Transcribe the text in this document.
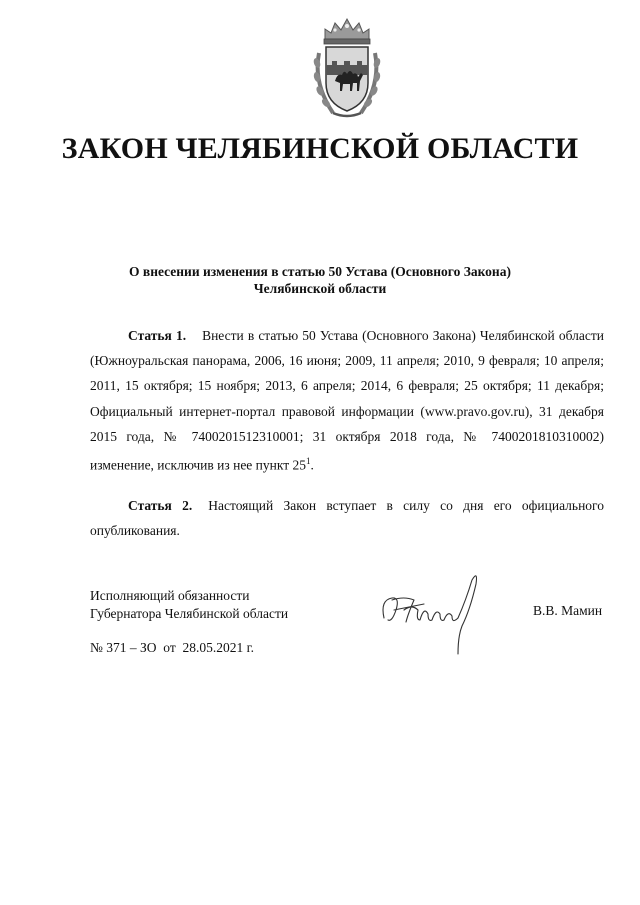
ЗАКОН ЧЕЛЯБИНСКОЙ ОБЛАСТИ
О внесении изменения в статью 50 Устава (Основного Закона)
Челябинской области
Статья 1. Внести в статью 50 Устава (Основного Закона) Челябинской области (Южноуральская панорама, 2006, 16 июня; 2009, 11 апреля; 2010, 9 февраля; 10 апреля; 2011, 15 октября; 15 ноября; 2013, 6 апреля; 2014, 6 февраля; 25 октября; 11 декабря; Официальный интернет-портал правовой информации (www.pravo.gov.ru), 31 декабря 2015 года, № 7400201512310001; 31 октября 2018 года, № 7400201810310002) изменение, исключив из нее пункт $25^1$.
Статья 2. Настоящий Закон вступает в силу со дня его официального опубликования.
Исполняющий обязанности
Губернатора Челябинской области	В.В. Мамин
№ 371 – ЗО  от  28.05.2021 г.
